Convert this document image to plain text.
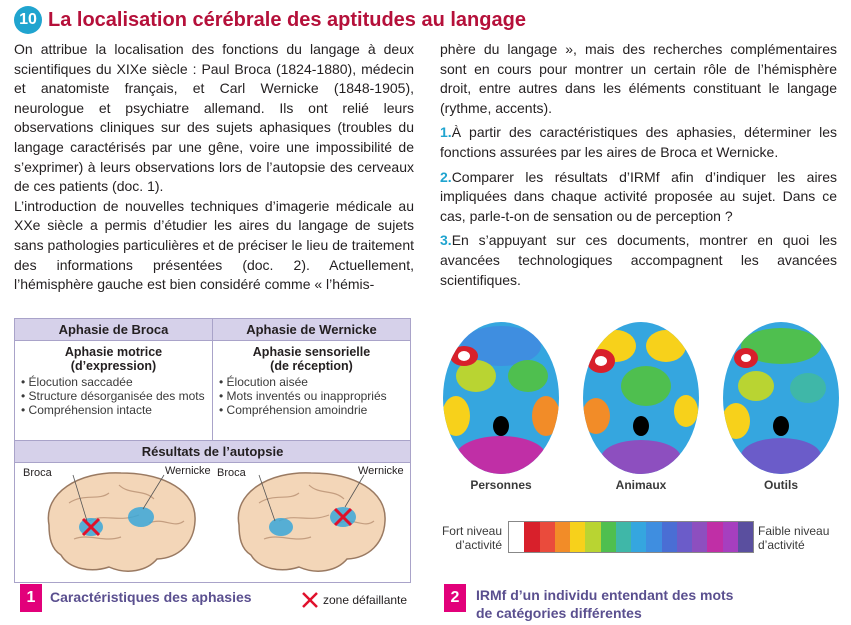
10 La localisation cérébrale des aptitudes au langage

On attribue la localisation des fonctions du langage à deux scientifiques du XIXe siècle : Paul Broca (1824-1880), médecin et anatomiste français, et Carl Wernicke (1848-1905), neurologue et psychiatre allemand. Ils ont relié leurs observations cliniques sur des sujets aphasiques (troubles du langage caractérisés par une gêne, voire une impossibilité de s’exprimer) à leurs observations lors de l’autopsie des cerveaux de ces patients (doc. 1).

L’introduction de nouvelles techniques d’imagerie médicale au XXe siècle a permis d’étudier les aires du langage de sujets sans pathologies particulières et de préciser le lieu de traitement des informations présentées (doc. 2). Actuellement, l’hémisphère gauche est bien considéré comme « l’hémis-

phère du langage », mais des recherches complémentaires sont en cours pour montrer un certain rôle de l’hémisphère droit, entre autres dans les éléments constituant le langage (rythme, accents).

1.À partir des caractéristiques des aphasies, déterminer les fonctions assurées par les aires de Broca et Wernicke.

2.Comparer les résultats d’IRMf afin d’indiquer les aires impliquées dans chaque activité proposée au sujet. Dans ce cas, parle-t-on de sensation ou de perception ?

3.En s’appuyant sur ces documents, montrer en quoi les avancées technologiques accompagnent les avancées scientifiques.

Aphasie de Broca	Aphasie de Wernicke
Aphasie motrice
(d’expression)
• Élocution saccadée
• Structure désorganisée des mots
• Compréhension intacte
Aphasie sensorielle
(de réception)
• Élocution aisée
• Mots inventés ou inappropriés
• Compréhension amoindrie
Résultats de l’autopsie
Broca	Wernicke Broca	Wernicke
1	Caractéristiques des aphasies	zone défaillante
Personnes	Animaux	Outils
Fort niveau
d’activité
Faible niveau
d’activité
2	IRMf d’un individu entendant des mots
de catégories différentes
